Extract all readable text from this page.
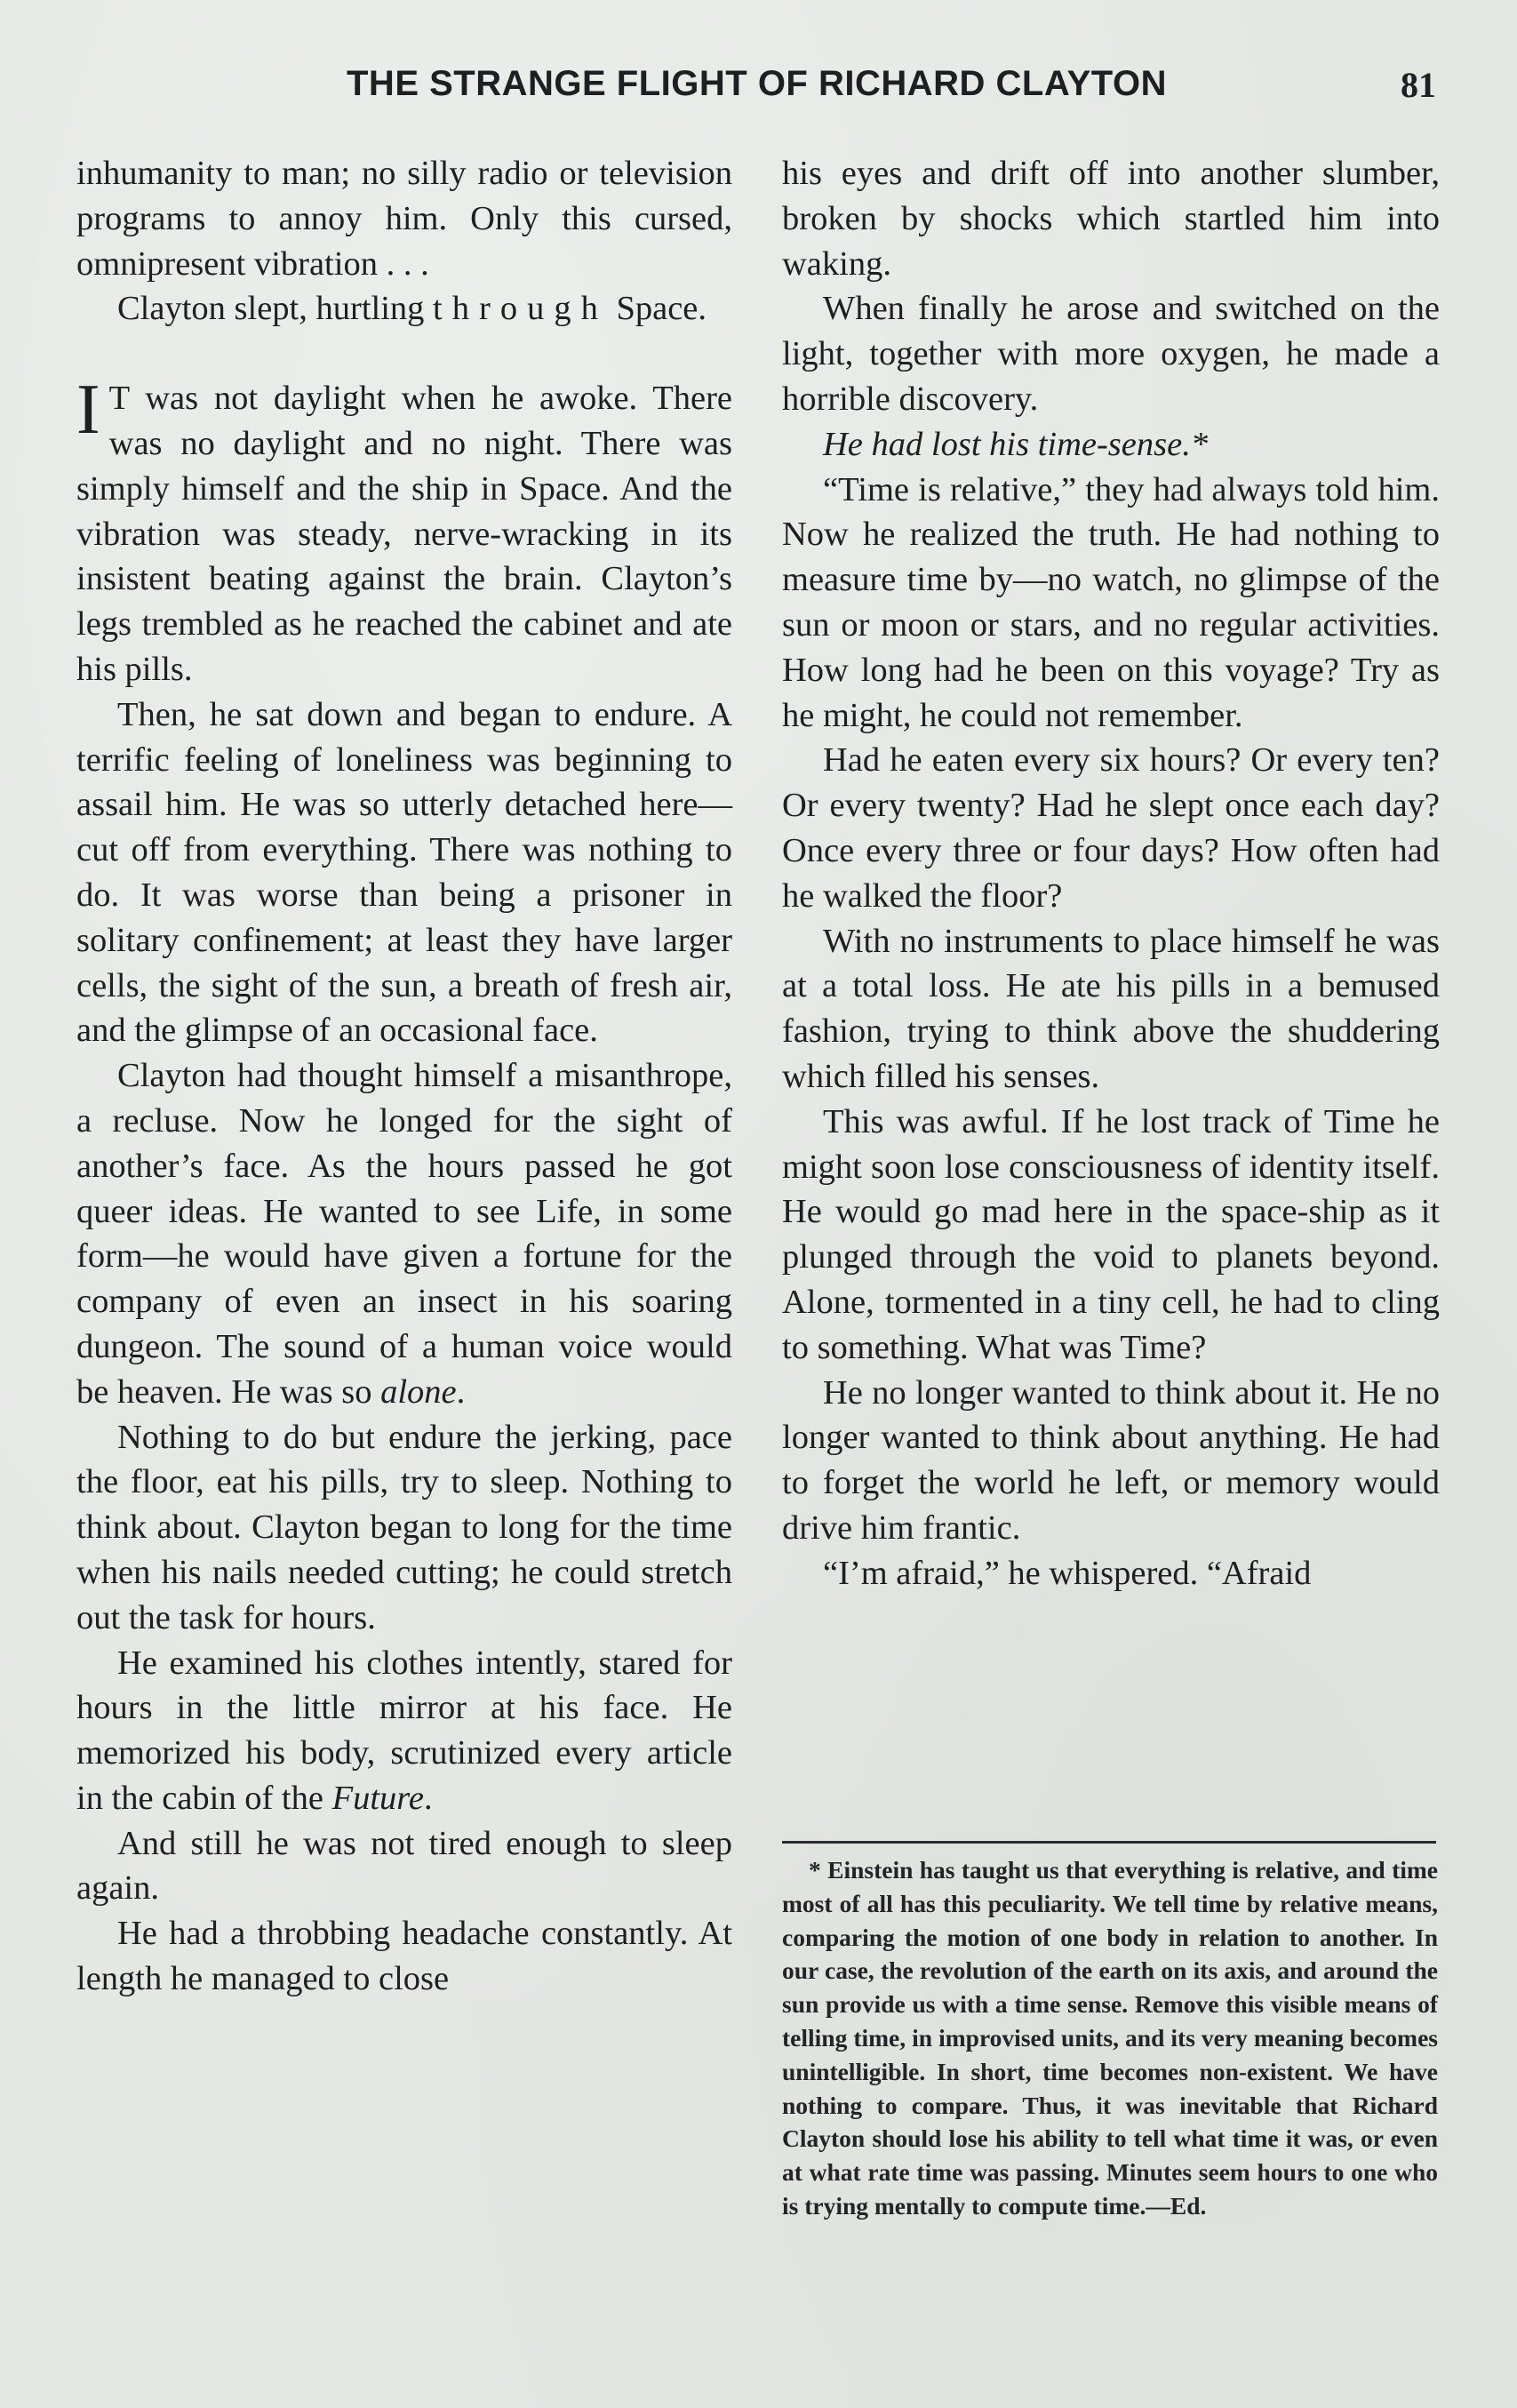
THE STRANGE FLIGHT OF RICHARD CLAYTON	81

inhumanity to man; no silly radio or television programs to annoy him. Only this cursed, omnipresent vibration . . .

Clayton slept, hurtling through Space.

I T was not daylight when he awoke. There was no daylight and no night. There was simply himself and the ship in Space. And the vibration was steady, nerve-wracking in its insistent beating against the brain. Clayton’s legs trembled as he reached the cabinet and ate his pills.

Then, he sat down and began to endure. A terrific feeling of loneliness was beginning to assail him. He was so utterly detached here—cut off from everything. There was nothing to do. It was worse than being a prisoner in solitary confinement; at least they have larger cells, the sight of the sun, a breath of fresh air, and the glimpse of an occasional face.

Clayton had thought himself a misanthrope, a recluse. Now he longed for the sight of another’s face. As the hours passed he got queer ideas. He wanted to see Life, in some form—he would have given a fortune for the company of even an insect in his soaring dungeon. The sound of a human voice would be heaven. He was so alone.

Nothing to do but endure the jerking, pace the floor, eat his pills, try to sleep. Nothing to think about. Clayton began to long for the time when his nails needed cutting; he could stretch out the task for hours.

He examined his clothes intently, stared for hours in the little mirror at his face. He memorized his body, scrutinized every article in the cabin of the Future.

And still he was not tired enough to sleep again.

He had a throbbing headache constantly. At length he managed to close

his eyes and drift off into another slumber, broken by shocks which startled him into waking.

When finally he arose and switched on the light, together with more oxygen, he made a horrible discovery.

He had lost his time-sense.*

“Time is relative,” they had always told him. Now he realized the truth. He had nothing to measure time by—no watch, no glimpse of the sun or moon or stars, and no regular activities. How long had he been on this voyage? Try as he might, he could not remember.

Had he eaten every six hours? Or every ten? Or every twenty? Had he slept once each day? Once every three or four days? How often had he walked the floor?

With no instruments to place himself he was at a total loss. He ate his pills in a bemused fashion, trying to think above the shuddering which filled his senses.

This was awful. If he lost track of Time he might soon lose consciousness of identity itself. He would go mad here in the space-ship as it plunged through the void to planets beyond. Alone, tormented in a tiny cell, he had to cling to something. What was Time?

He no longer wanted to think about it. He no longer wanted to think about anything. He had to forget the world he left, or memory would drive him frantic.

“I’m afraid,” he whispered. “Afraid

* Einstein has taught us that everything is relative, and time most of all has this peculiarity. We tell time by relative means, comparing the motion of one body in relation to another. In our case, the revolution of the earth on its axis, and around the sun provide us with a time sense. Remove this visible means of telling time, in improvised units, and its very meaning becomes unintelligible. In short, time becomes non-existent. We have nothing to compare. Thus, it was inevitable that Richard Clayton should lose his ability to tell what time it was, or even at what rate time was passing. Minutes seem hours to one who is trying mentally to compute time.—Ed.
